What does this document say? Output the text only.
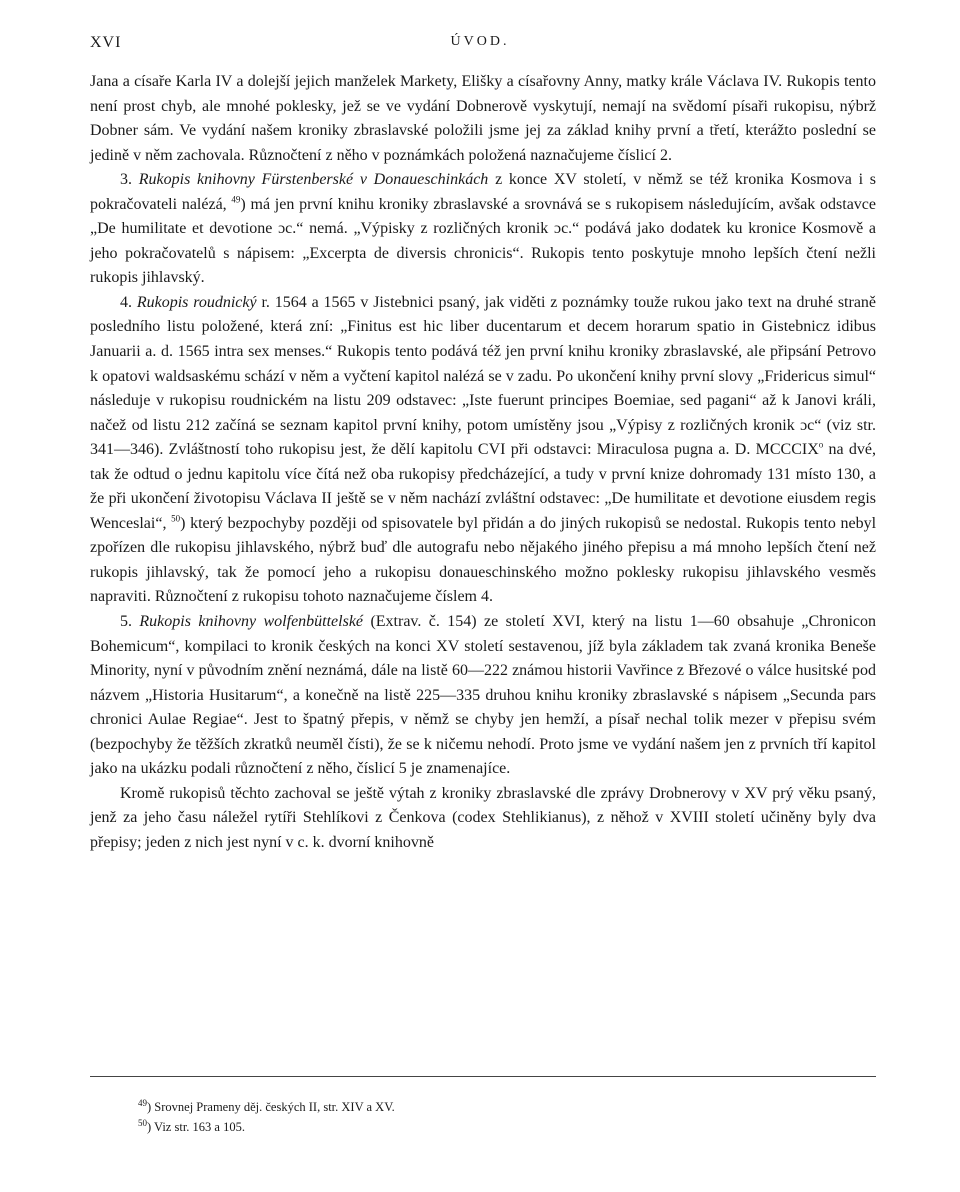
XVI	ÚVOD.

Jana a císaře Karla IV a dolejší jejich manželek Markety, Elišky a císařovny Anny, matky krále Václava IV. Rukopis tento není prost chyb, ale mnohé poklesky, jež se ve vydání Dobnerově vyskytují, nemají na svědomí písaři rukopisu, nýbrž Dobner sám. Ve vydání našem kroniky zbraslavské položili jsme jej za základ knihy první a třetí, kterážto poslední se jedině v něm zachovala. Různočtení z něho v poznámkách položená naznačujeme číslicí 2.

3. Rukopis knihovny Fürstenberské v Donaueschinkách z konce XV století, v němž se též kronika Kosmova i s pokračovateli nalézá, $^{49}$) má jen první knihu kroniky zbraslavské a srovnává se s rukopisem následujícím, avšak odstavce „De humilitate et devotione ɔc.“ nemá. „Výpisky z rozličných kronik ɔc.“ podává jako dodatek ku kronice Kosmově a jeho pokračovatelů s nápisem: „Excerpta de diversis chronicis“. Rukopis tento poskytuje mnoho lepších čtení nežli rukopis jihlavský.

4. Rukopis roudnický r. 1564 a 1565 v Jistebnici psaný, jak viděti z poznámky touže rukou jako text na druhé straně posledního listu položené, která zní: „Finitus est hic liber ducentarum et decem horarum spatio in Gistebnicz idibus Januarii a. d. 1565 intra sex menses.“ Rukopis tento podává též jen první knihu kroniky zbraslavské, ale připsání Petrovo k opatovi waldsaskému schází v něm a vyčtení kapitol nalézá se v zadu. Po ukončení knihy první slovy „Fridericus simul“ následuje v rukopisu roudnickém na listu 209 odstavec: „Iste fuerunt principes Boemiae, sed pagani“ až k Janovi králi, načež od listu 212 začíná se seznam kapitol první knihy, potom umístěny jsou „Výpisy z rozličných kronik ɔc“ (viz str. 341—346). Zvláštností toho rukopisu jest, že dělí kapitolu CVI při odstavci: Miraculosa pugna a. D. MCCCIX$^o$ na dvé, tak že odtud o jednu kapitolu více čítá než oba rukopisy předcházející, a tudy v první knize dohromady 131 místo 130, a že při ukončení životopisu Václava II ještě se v něm nachází zvláštní odstavec: „De humilitate et devotione eiusdem regis Wenceslai“, $^{50}$) který bezpochyby později od spisovatele byl přidán a do jiných rukopisů se nedostal. Rukopis tento nebyl zpořízen dle rukopisu jihlavského, nýbrž buď dle autografu nebo nějakého jiného přepisu a má mnoho lepších čtení než rukopis jihlavský, tak že pomocí jeho a rukopisu donaueschinského možno poklesky rukopisu jihlavského vesměs napraviti. Různočtení z rukopisu tohoto naznačujeme číslem 4.

5. Rukopis knihovny wolfenbüttelské (Extrav. č. 154) ze století XVI, který na listu 1—60 obsahuje „Chronicon Bohemicum“, kompilaci to kronik českých na konci XV století sestavenou, jíž byla základem tak zvaná kronika Beneše Minority, nyní v původním znění neznámá, dále na listě 60—222 známou historii Vavřince z Březové o válce husitské pod názvem „Historia Husitarum“, a konečně na listě 225—335 druhou knihu kroniky zbraslavské s nápisem „Secunda pars chronici Aulae Regiae“. Jest to špatný přepis, v němž se chyby jen hemží, a písař nechal tolik mezer v přepisu svém (bezpochyby že těžších zkratků neuměl čísti), že se k ničemu nehodí. Proto jsme ve vydání našem jen z prvních tří kapitol jako na ukázku podali různočtení z něho, číslicí 5 je znamenajíce.

Kromě rukopisů těchto zachoval se ještě výtah z kroniky zbraslavské dle zprávy Drobnerovy v XV prý věku psaný, jenž za jeho času náležel rytíři Stehlíkovi z Čenkova (codex Stehlikianus), z něhož v XVIII století učiněny byly dva přepisy; jeden z nich jest nyní v c. k. dvorní knihovně

$^{49}$) Srovnej Prameny děj. českých II, str. XIV a XV.

$^{50}$) Viz str. 163 a 105.
